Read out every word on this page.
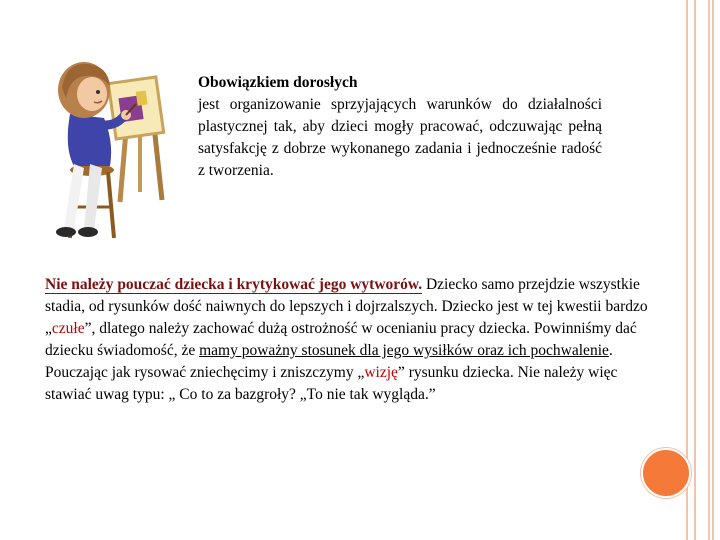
Obowiązkiem dorosłych
jest organizowanie sprzyjających warunków do działalności plastycznej tak, aby dzieci mogły pracować, odczuwając pełną satysfakcję z dobrze wykonanego zadania i jednocześnie radość z tworzenia.
Nie należy pouczać dziecka i krytykować jego wytworów. Dziecko samo przejdzie wszystkie stadia, od rysunków dość naiwnych do lepszych i dojrzalszych. Dziecko jest w tej kwestii bardzo „czułe”, dlatego należy zachować dużą ostrożność w ocenianiu pracy dziecka. Powinniśmy dać dziecku świadomość, że mamy poważny stosunek dla jego wysiłków oraz ich pochwalenie. Pouczając jak rysować zniechęcimy i zniszczymy „wizję” rysunku dziecka. Nie należy więc stawiać uwag typu: „ Co to za bazgroły? „To nie tak wygląda.”
